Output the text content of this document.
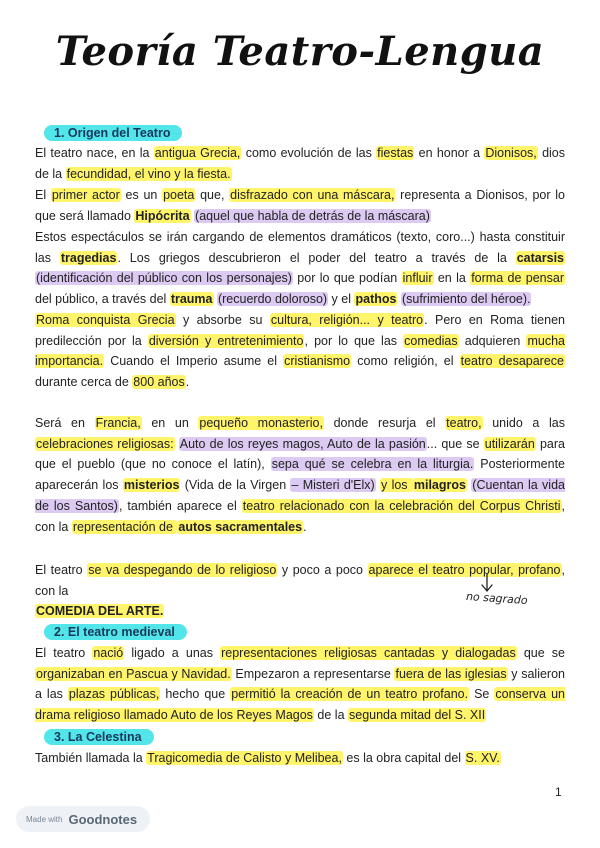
Teoría Teatro-Lengua
1. Origen del Teatro
El teatro nace, en la antigua Grecia, como evolución de las fiestas en honor a Dionisos, dios de la fecundidad, el vino y la fiesta.
El primer actor es un poeta que, disfrazado con una máscara, representa a Dionisos, por lo que será llamado Hipócrita (aquel que habla de detrás de la máscara)
Estos espectáculos se irán cargando de elementos dramáticos (texto, coro...) hasta constituir las tragedias. Los griegos descubrieron el poder del teatro a través de la catarsis (identificación del público con los personajes) por lo que podían influir en la forma de pensar del público, a través del trauma (recuerdo doloroso) y el pathos (sufrimiento del héroe).
Roma conquista Grecia y absorbe su cultura, religión... y teatro. Pero en Roma tienen predilección por la diversión y entretenimiento, por lo que las comedias adquieren mucha importancia. Cuando el Imperio asume el cristianismo como religión, el teatro desaparece durante cerca de 800 años.
Será en Francia, en un pequeño monasterio, donde resurja el teatro, unido a las celebraciones religiosas: Auto de los reyes magos, Auto de la pasión... que se utilizarán para que el pueblo (que no conoce el latín), sepa qué se celebra en la liturgia. Posteriormente aparecerán los misterios (Vida de la Virgen – Misteri d'Elx) y los milagros (Cuentan la vida de los Santos), también aparece el teatro relacionado con la celebración del Corpus Christi, con la representación de autos sacramentales.
El teatro se va despegando de lo religioso y poco a poco aparece el teatro popular, profano, con la
COMEDIA DEL ARTE.
no sagrado
2. El teatro medieval
El teatro nació ligado a unas representaciones religiosas cantadas y dialogadas que se organizaban en Pascua y Navidad. Empezaron a representarse fuera de las iglesias y salieron a las plazas públicas, hecho que permitió la creación de un teatro profano. Se conserva un drama religioso llamado Auto de los Reyes Magos de la segunda mitad del S. XII
3. La Celestina
También llamada la Tragicomedia de Calisto y Melibea, es la obra capital del S. XV.
1
Made with Goodnotes
